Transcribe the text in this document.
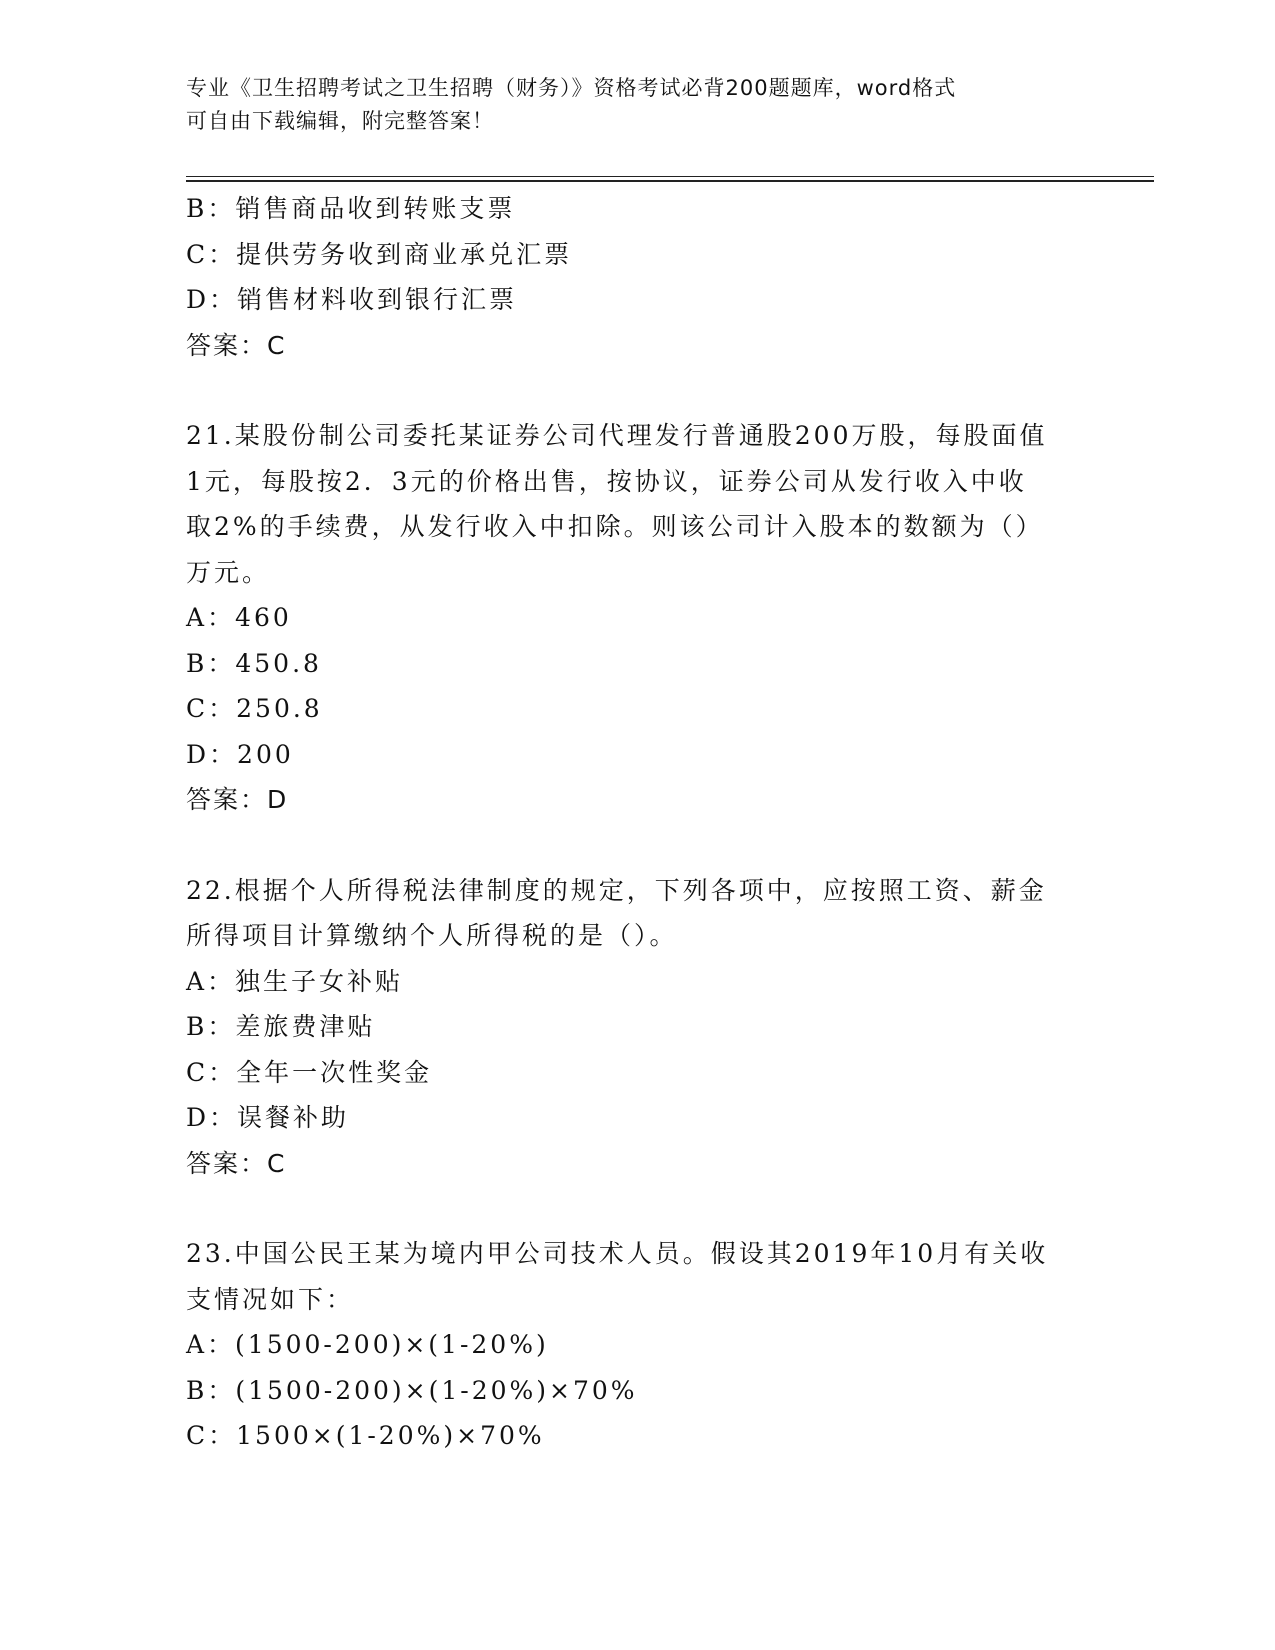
专业《卫生招聘考试之卫生招聘（财务）》资格考试必背200题题库，word格式
可自由下载编辑，附完整答案！
B：销售商品收到转账支票
C：提供劳务收到商业承兑汇票
D：销售材料收到银行汇票
答案：C
21.某股份制公司委托某证券公司代理发行普通股200万股，每股面值
1元，每股按2．3元的价格出售，按协议，证券公司从发行收入中收
取2%的手续费，从发行收入中扣除。则该公司计入股本的数额为（）
万元。
A：460
B：450.8
C：250.8
D：200
答案：D
22.根据个人所得税法律制度的规定，下列各项中，应按照工资、薪金
所得项目计算缴纳个人所得税的是（）。
A：独生子女补贴
B：差旅费津贴
C：全年一次性奖金
D：误餐补助
答案：C
23.中国公民王某为境内甲公司技术人员。假设其2019年10月有关收
支情况如下：
A：(1500-200)×(1-20%)
B：(1500-200)×(1-20%)×70%
C：1500×(1-20%)×70%
